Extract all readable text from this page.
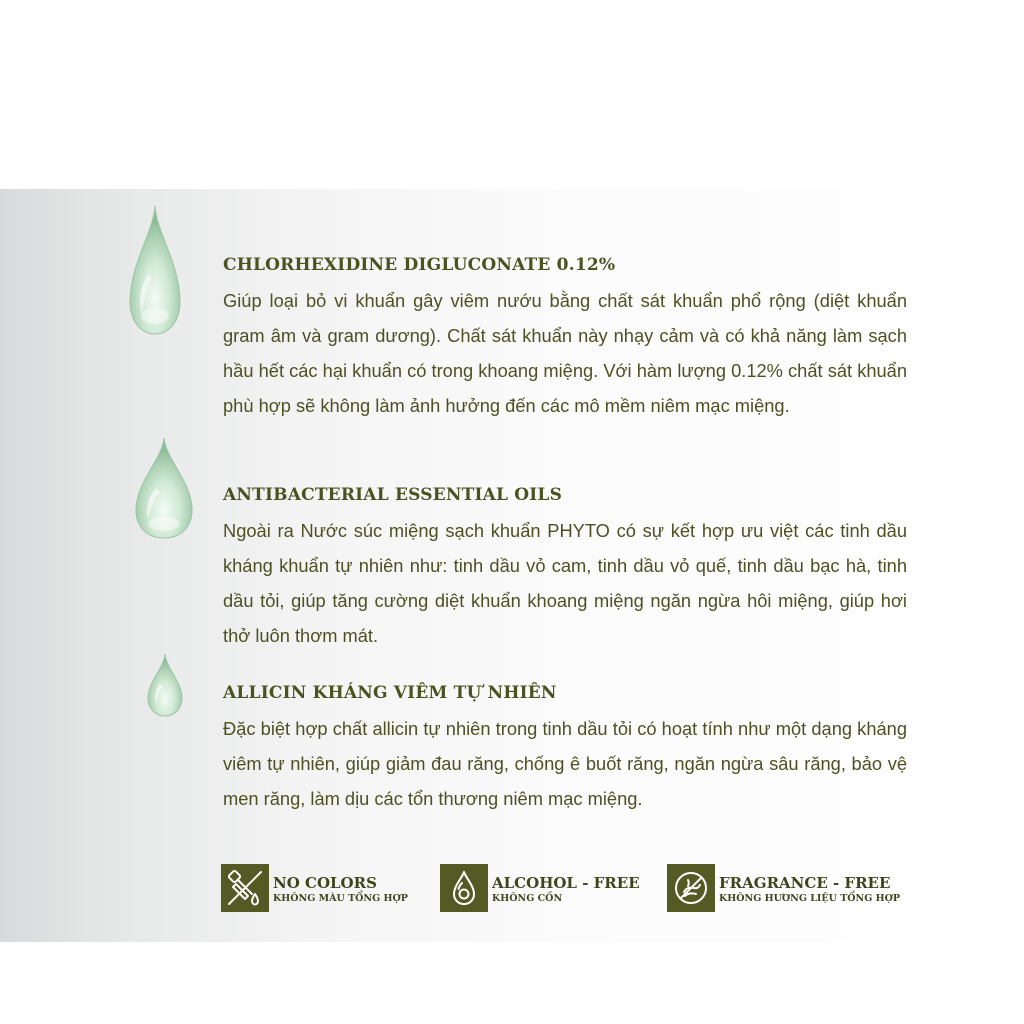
CHLORHEXIDINE DIGLUCONATE 0.12%

Giúp loại bỏ vi khuẩn gây viêm nướu bằng chất sát khuẩn phổ rộng (diệt khuẩn gram âm và gram dương). Chất sát khuẩn này nhạy cảm và có khả năng làm sạch hầu hết các hại khuẩn có trong khoang miệng. Với hàm lượng 0.12% chất sát khuẩn phù hợp sẽ không làm ảnh hưởng đến các mô mềm niêm mạc miệng.

ANTIBACTERIAL ESSENTIAL OILS

Ngoài ra Nước súc miệng sạch khuẩn PHYTO có sự kết hợp ưu việt các tinh dầu kháng khuẩn tự nhiên như: tinh dầu vỏ cam, tinh dầu vỏ quế, tinh dầu bạc hà, tinh dầu tỏi, giúp tăng cường diệt khuẩn khoang miệng ngăn ngừa hôi miệng, giúp hơi thở luôn thơm mát.

ALLICIN KHÁNG VIÊM TỰ NHIÊN

Đặc biệt hợp chất allicin tự nhiên trong tinh dầu tỏi có hoạt tính như một dạng kháng viêm tự nhiên, giúp giảm đau răng, chống ê buốt răng, ngăn ngừa sâu răng, bảo vệ men răng, làm dịu các tổn thương niêm mạc miệng.

NO COLORS
KHÔNG MÀU TỔNG HỢP
ALCOHOL - FREE
KHÔNG CỒN
FRAGRANCE - FREE
KHÔNG HƯƠNG LIỆU TỔNG HỢP
